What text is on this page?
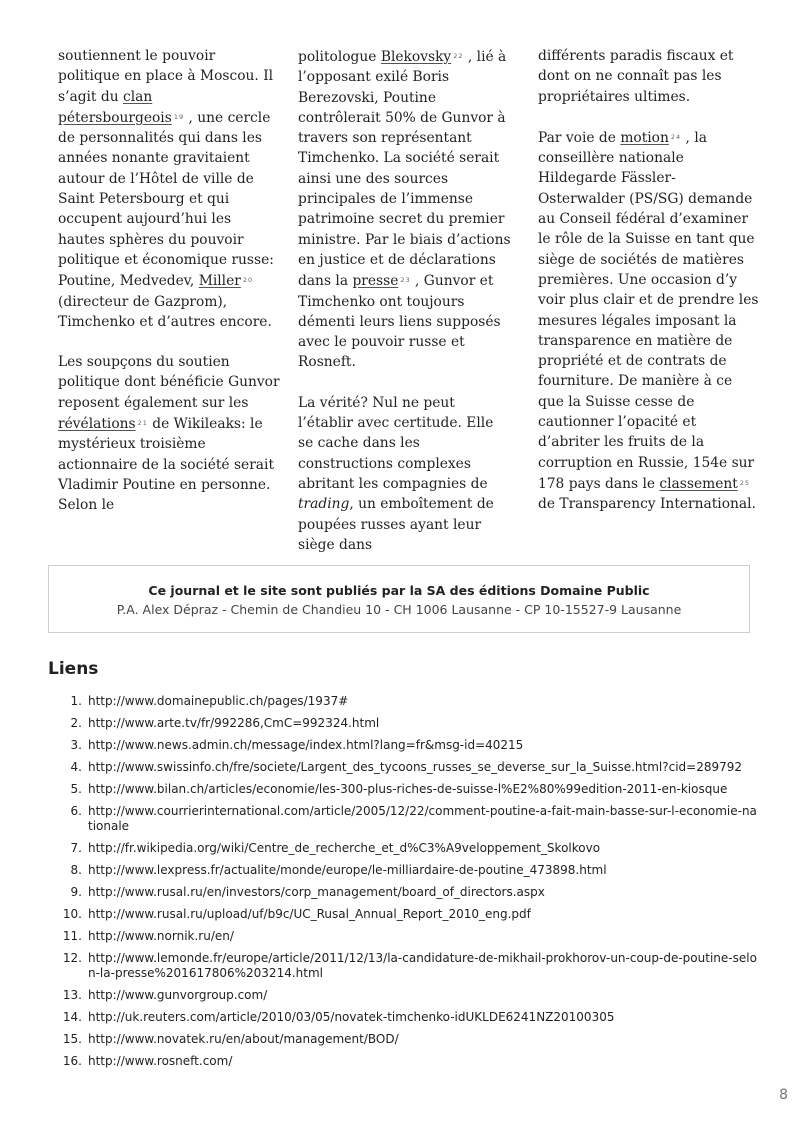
soutiennent le pouvoir politique en place à Moscou. Il s’agit du clan pétersbourgeois $^{19}$ , une cercle de personnalités qui dans les années nonante gravitaient autour de l’Hôtel de ville de Saint Petersbourg et qui occupent aujourd’hui les hautes sphères du pouvoir politique et économique russe: Poutine, Medvedev, Miller $^{20}$ (directeur de Gazprom), Timchenko et d’autres encore.

Les soupçons du soutien politique dont bénéficie Gunvor reposent également sur les révélations $^{21}$ de Wikileaks: le mystérieux troisième actionnaire de la société serait Vladimir Poutine en personne. Selon le

politologue Blekovsky $^{22}$ , lié à l’opposant exilé Boris Berezovski, Poutine contrôlerait 50% de Gunvor à travers son représentant Timchenko. La société serait ainsi une des sources principales de l’immense patrimoine secret du premier ministre. Par le biais d’actions en justice et de déclarations dans la presse $^{23}$ , Gunvor et Timchenko ont toujours démenti leurs liens supposés avec le pouvoir russe et Rosneft.

La vérité? Nul ne peut l’établir avec certitude. Elle se cache dans les constructions complexes abritant les compagnies de trading, un emboîtement de poupées russes ayant leur siège dans

différents paradis fiscaux et dont on ne connaît pas les propriétaires ultimes.

Par voie de motion $^{24}$ , la conseillère nationale Hildegarde Fässler-Osterwalder (PS/SG) demande au Conseil fédéral d’examiner le rôle de la Suisse en tant que siège de sociétés de matières premières. Une occasion d’y voir plus clair et de prendre les mesures légales imposant la transparence en matière de propriété et de contrats de fourniture. De manière à ce que la Suisse cesse de cautionner l’opacité et d’abriter les fruits de la corruption en Russie, 154e sur 178 pays dans le classement $^{25}$ de Transparency International.

Ce journal et le site sont publiés par la SA des éditions Domaine Public
P.A. Alex Dépraz - Chemin de Chandieu 10 - CH 1006 Lausanne - CP 10-15527-9 Lausanne
Liens
1. http://www.domainepublic.ch/pages/1937#
2. http://www.arte.tv/fr/992286,CmC=992324.html
3. http://www.news.admin.ch/message/index.html?lang=fr&msg-id=40215
4. http://www.swissinfo.ch/fre/societe/Largent_des_tycoons_russes_se_deverse_sur_la_Suisse.html?cid=289792
5. http://www.bilan.ch/articles/economie/les-300-plus-riches-de-suisse-l%E2%80%99edition-2011-en-kiosque
6. http://www.courrierinternational.com/article/2005/12/22/comment-poutine-a-fait-main-basse-sur-l-economie-nationale
7. http://fr.wikipedia.org/wiki/Centre_de_recherche_et_d%C3%A9veloppement_Skolkovo
8. http://www.lexpress.fr/actualite/monde/europe/le-milliardaire-de-poutine_473898.html
9. http://www.rusal.ru/en/investors/corp_management/board_of_directors.aspx
10. http://www.rusal.ru/upload/uf/b9c/UC_Rusal_Annual_Report_2010_eng.pdf
11. http://www.nornik.ru/en/
12. http://www.lemonde.fr/europe/article/2011/12/13/la-candidature-de-mikhail-prokhorov-un-coup-de-poutine-selon-la-presse%201617806%203214.html
13. http://www.gunvorgroup.com/
14. http://uk.reuters.com/article/2010/03/05/novatek-timchenko-idUKLDE6241NZ20100305
15. http://www.novatek.ru/en/about/management/BOD/
16. http://www.rosneft.com/
8
